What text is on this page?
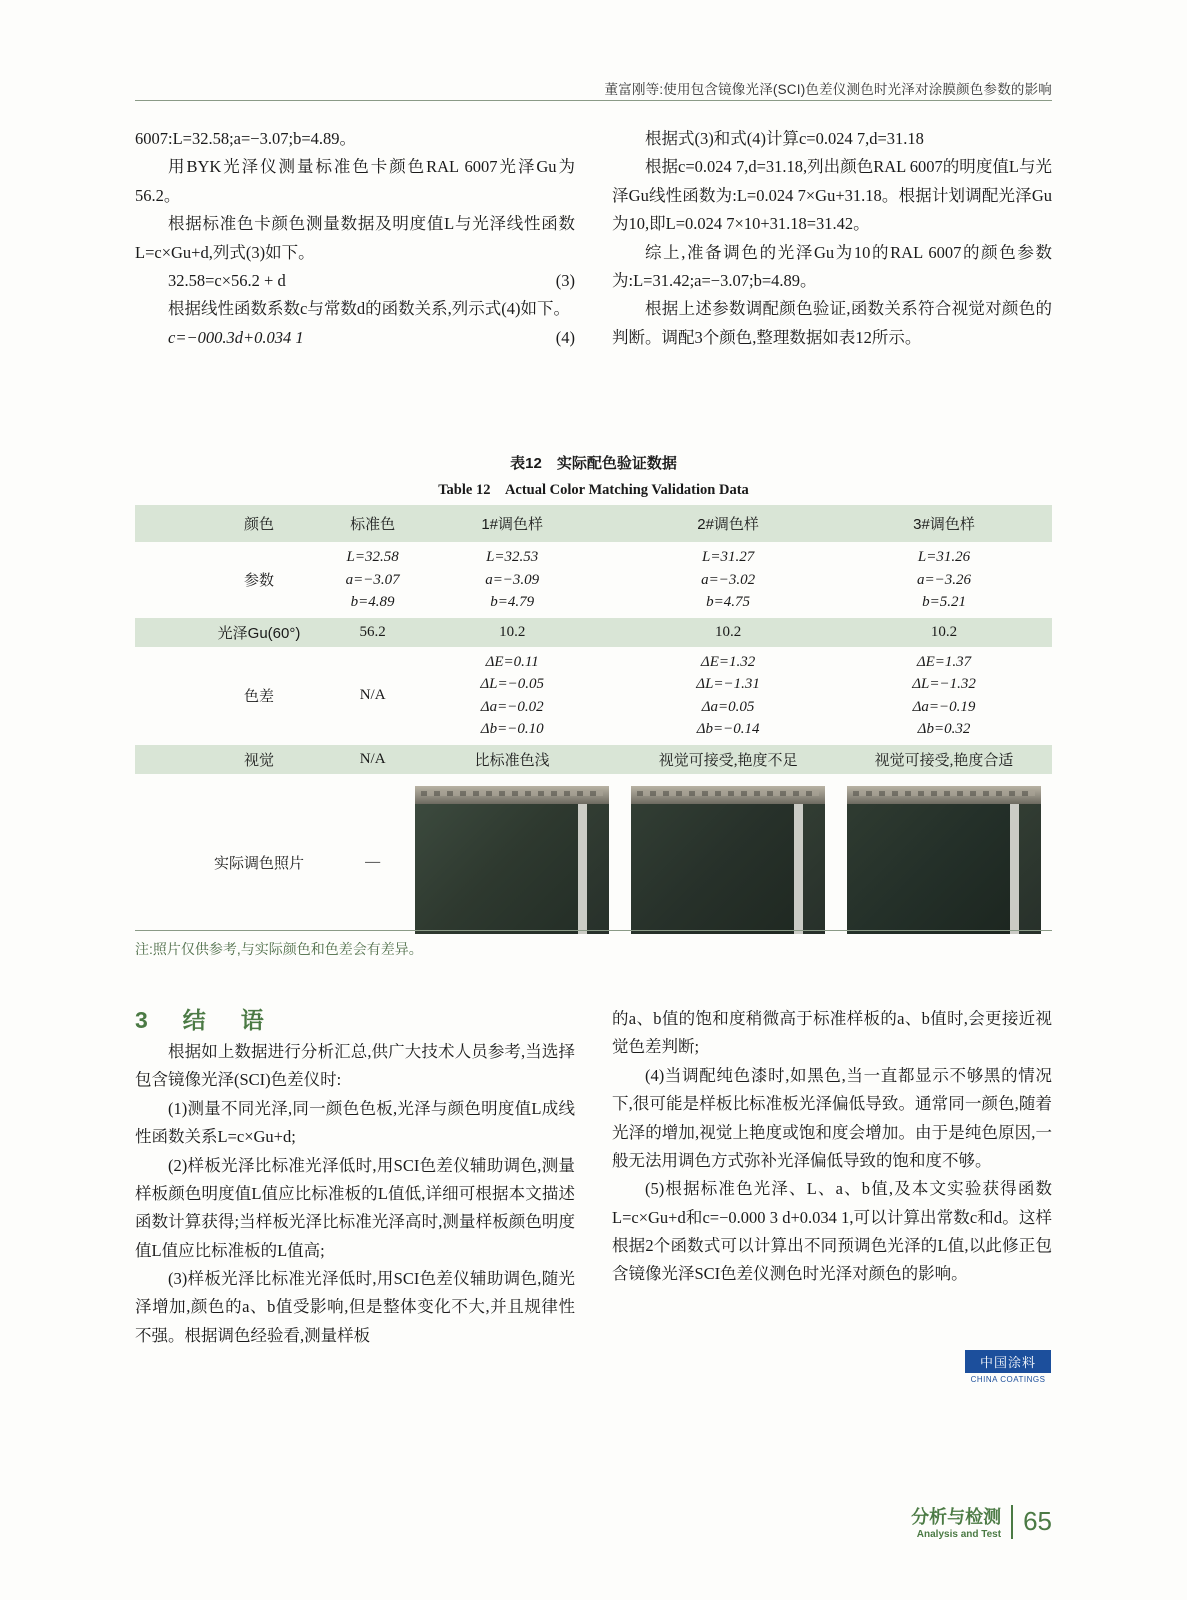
董富刚等:使用包含镜像光泽(SCI)色差仪测色时光泽对涂膜颜色参数的影响

6007:L=32.58;a=−3.07;b=4.89。

用BYK光泽仪测量标准色卡颜色RAL 6007光泽Gu为56.2。

根据标准色卡颜色测量数据及明度值L与光泽线性函数L=c×Gu+d,列式(3)如下。

32.58=c×56.2 + d	(3)

根据线性函数系数c与常数d的函数关系,列示式(4)如下。

c=−000.3d+0.034 1	(4)

根据式(3)和式(4)计算c=0.024 7,d=31.18

根据c=0.024 7,d=31.18,列出颜色RAL 6007的明度值L与光泽Gu线性函数为:L=0.024 7×Gu+31.18。根据计划调配光泽Gu为10,即L=0.024 7×10+31.18=31.42。

综上,准备调色的光泽Gu为10的RAL 6007的颜色参数为:L=31.42;a=−3.07;b=4.89。

根据上述参数调配颜色验证,函数关系符合视觉对颜色的判断。调配3个颜色,整理数据如表12所示。

表12　实际配色验证数据
Table 12　Actual Color Matching Validation Data
颜色	标准色	1#调色样	2#调色样	3#调色样
参数	L=32.58
a=−3.07
b=4.89	L=32.53
a=−3.09
b=4.79	L=31.27
a=−3.02
b=4.75	L=31.26
a=−3.26
b=5.21

光泽Gu(60°)	56.2	10.2	10.2	10.2
色差	N/A	ΔE=0.11
ΔL=−0.05
Δa=−0.02
Δb=−0.10	ΔE=1.32
ΔL=−1.31
Δa=0.05
Δb=−0.14	ΔE=1.37
ΔL=−1.32
Δa=−0.19
Δb=0.32

视觉	N/A	比标准色浅	视觉可接受,艳度不足	视觉可接受,艳度合适
实际调色照片	—	

注:照片仅供参考,与实际颜色和色差会有差异。
3　结　语

根据如上数据进行分析汇总,供广大技术人员参考,当选择包含镜像光泽(SCI)色差仪时:

(1)测量不同光泽,同一颜色色板,光泽与颜色明度值L成线性函数关系L=c×Gu+d;

(2)样板光泽比标准光泽低时,用SCI色差仪辅助调色,测量样板颜色明度值L值应比标准板的L值低,详细可根据本文描述函数计算获得;当样板光泽比标准光泽高时,测量样板颜色明度值L值应比标准板的L值高;

(3)样板光泽比标准光泽低时,用SCI色差仪辅助调色,随光泽增加,颜色的a、b值受影响,但是整体变化不大,并且规律性不强。根据调色经验看,测量样板

的a、b值的饱和度稍微高于标准样板的a、b值时,会更接近视觉色差判断;

(4)当调配纯色漆时,如黑色,当一直都显示不够黑的情况下,很可能是样板比标准板光泽偏低导致。通常同一颜色,随着光泽的增加,视觉上艳度或饱和度会增加。由于是纯色原因,一般无法用调色方式弥补光泽偏低导致的饱和度不够。

(5)根据标准色光泽、L、a、b值,及本文实验获得函数L=c×Gu+d和c=−0.000 3 d+0.034 1,可以计算出常数c和d。这样根据2个函数式可以计算出不同预调色光泽的L值,以此修正包含镜像光泽SCI色差仪测色时光泽对颜色的影响。

中国涂料
CHINA COATINGS
分析与检测
Analysis and Test 65
